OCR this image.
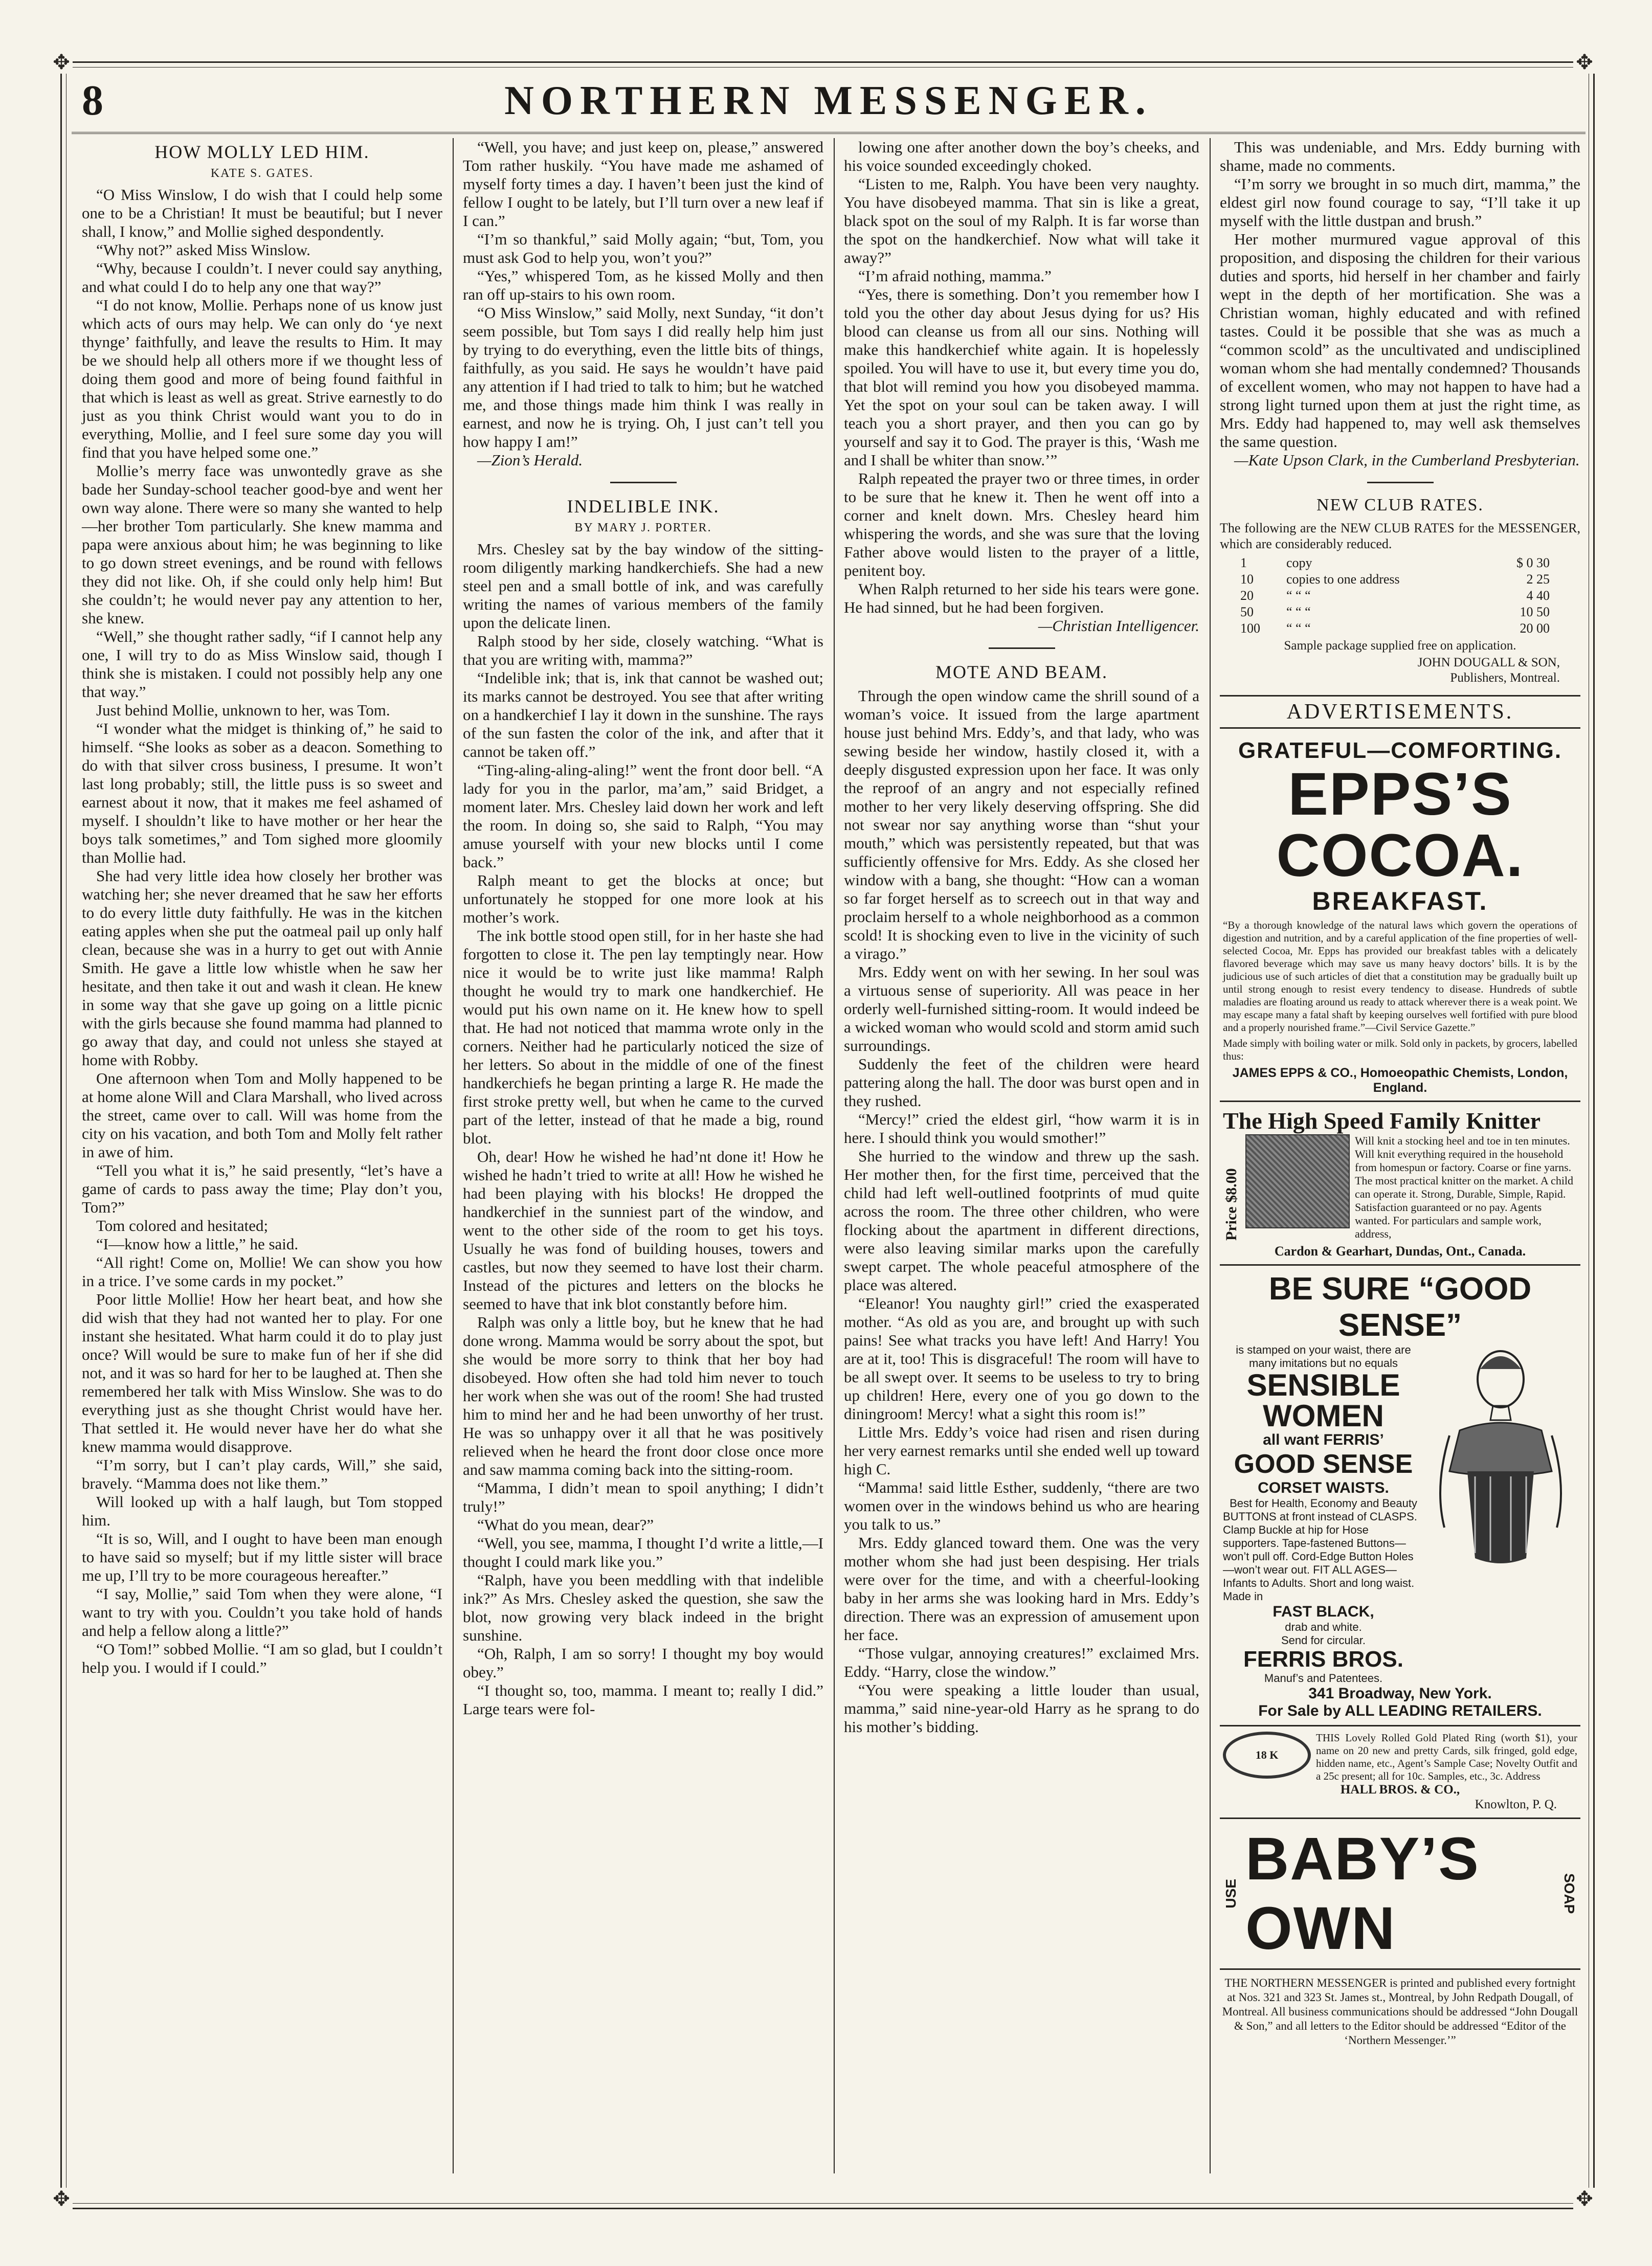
✥	✥
✥	✥
8	NORTHERN MESSENGER.
HOW MOLLY LED HIM.
KATE S. GATES.

“O Miss Winslow, I do wish that I could help some one to be a Christian! It must be beautiful; but I never shall, I know,” and Mollie sighed despondently.

“Why not?” asked Miss Winslow.

“Why, because I couldn’t. I never could say anything, and what could I do to help any one that way?”

“I do not know, Mollie. Perhaps none of us know just which acts of ours may help. We can only do ‘ye next thynge’ faithfully, and leave the results to Him. It may be we should help all others more if we thought less of doing them good and more of being found faithful in that which is least as well as great. Strive earnestly to do just as you think Christ would want you to do in everything, Mollie, and I feel sure some day you will find that you have helped some one.”

Mollie’s merry face was unwontedly grave as she bade her Sunday-school teacher good-bye and went her own way alone. There were so many she wanted to help—her brother Tom particularly. She knew mamma and papa were anxious about him; he was beginning to like to go down street evenings, and be round with fellows they did not like. Oh, if she could only help him! But she couldn’t; he would never pay any attention to her, she knew.

“Well,” she thought rather sadly, “if I cannot help any one, I will try to do as Miss Winslow said, though I think she is mistaken. I could not possibly help any one that way.”

Just behind Mollie, unknown to her, was Tom.

“I wonder what the midget is thinking of,” he said to himself. “She looks as sober as a deacon. Something to do with that silver cross business, I presume. It won’t last long probably; still, the little puss is so sweet and earnest about it now, that it makes me feel ashamed of myself. I shouldn’t like to have mother or her hear the boys talk sometimes,” and Tom sighed more gloomily than Mollie had.

She had very little idea how closely her brother was watching her; she never dreamed that he saw her efforts to do every little duty faithfully. He was in the kitchen eating apples when she put the oatmeal pail up only half clean, because she was in a hurry to get out with Annie Smith. He gave a little low whistle when he saw her hesitate, and then take it out and wash it clean. He knew in some way that she gave up going on a little picnic with the girls because she found mamma had planned to go away that day, and could not unless she stayed at home with Robby.

One afternoon when Tom and Molly happened to be at home alone Will and Clara Marshall, who lived across the street, came over to call. Will was home from the city on his vacation, and both Tom and Molly felt rather in awe of him.

“Tell you what it is,” he said presently, “let’s have a game of cards to pass away the time; Play don’t you, Tom?”

Tom colored and hesitated;

“I—know how a little,” he said.

“All right! Come on, Mollie! We can show you how in a trice. I’ve some cards in my pocket.”

Poor little Mollie! How her heart beat, and how she did wish that they had not wanted her to play. For one instant she hesitated. What harm could it do to play just once? Will would be sure to make fun of her if she did not, and it was so hard for her to be laughed at. Then she remembered her talk with Miss Winslow. She was to do everything just as she thought Christ would have her. That settled it. He would never have her do what she knew mamma would disapprove.

“I’m sorry, but I can’t play cards, Will,” she said, bravely. “Mamma does not like them.”

Will looked up with a half laugh, but Tom stopped him.

“It is so, Will, and I ought to have been man enough to have said so myself; but if my little sister will brace me up, I’ll try to be more courageous hereafter.”

“I say, Mollie,” said Tom when they were alone, “I want to try with you. Couldn’t you take hold of hands and help a fellow along a little?”

“O Tom!” sobbed Mollie. “I am so glad, but I couldn’t help you. I would if I could.”

“Well, you have; and just keep on, please,” answered Tom rather huskily. “You have made me ashamed of myself forty times a day. I haven’t been just the kind of fellow I ought to be lately, but I’ll turn over a new leaf if I can.”

“I’m so thankful,” said Molly again; “but, Tom, you must ask God to help you, won’t you?”

“Yes,” whispered Tom, as he kissed Molly and then ran off up-stairs to his own room.

“O Miss Winslow,” said Molly, next Sunday, “it don’t seem possible, but Tom says I did really help him just by trying to do everything, even the little bits of things, faithfully, as you said. He says he wouldn’t have paid any attention if I had tried to talk to him; but he watched me, and those things made him think I was really in earnest, and now he is trying. Oh, I just can’t tell you how happy I am!”

—Zion’s Herald.

INDELIBLE INK.
BY MARY J. PORTER.

Mrs. Chesley sat by the bay window of the sitting-room diligently marking handkerchiefs. She had a new steel pen and a small bottle of ink, and was carefully writing the names of various members of the family upon the delicate linen.

Ralph stood by her side, closely watching. “What is that you are writing with, mamma?”

“Indelible ink; that is, ink that cannot be washed out; its marks cannot be destroyed. You see that after writing on a handkerchief I lay it down in the sunshine. The rays of the sun fasten the color of the ink, and after that it cannot be taken off.”

“Ting-aling-aling-aling!” went the front door bell. “A lady for you in the parlor, ma’am,” said Bridget, a moment later. Mrs. Chesley laid down her work and left the room. In doing so, she said to Ralph, “You may amuse yourself with your new blocks until I come back.”

Ralph meant to get the blocks at once; but unfortunately he stopped for one more look at his mother’s work.

The ink bottle stood open still, for in her haste she had forgotten to close it. The pen lay temptingly near. How nice it would be to write just like mamma! Ralph thought he would try to mark one handkerchief. He would put his own name on it. He knew how to spell that. He had not noticed that mamma wrote only in the corners. Neither had he particularly noticed the size of her letters. So about in the middle of one of the finest handkerchiefs he began printing a large R. He made the first stroke pretty well, but when he came to the curved part of the letter, instead of that he made a big, round blot.

Oh, dear! How he wished he had’nt done it! How he wished he hadn’t tried to write at all! How he wished he had been playing with his blocks! He dropped the handkerchief in the sunniest part of the window, and went to the other side of the room to get his toys. Usually he was fond of building houses, towers and castles, but now they seemed to have lost their charm. Instead of the pictures and letters on the blocks he seemed to have that ink blot constantly before him.

Ralph was only a little boy, but he knew that he had done wrong. Mamma would be sorry about the spot, but she would be more sorry to think that her boy had disobeyed. How often she had told him never to touch her work when she was out of the room! She had trusted him to mind her and he had been unworthy of her trust. He was so unhappy over it all that he was positively relieved when he heard the front door close once more and saw mamma coming back into the sitting-room.

“Mamma, I didn’t mean to spoil anything; I didn’t truly!”

“What do you mean, dear?”

“Well, you see, mamma, I thought I’d write a little,—I thought I could mark like you.”

“Ralph, have you been meddling with that indelible ink?” As Mrs. Chesley asked the question, she saw the blot, now growing very black indeed in the bright sunshine.

“Oh, Ralph, I am so sorry! I thought my boy would obey.”

“I thought so, too, mamma. I meant to; really I did.” Large tears were fol-

lowing one after another down the boy’s cheeks, and his voice sounded exceedingly choked.

“Listen to me, Ralph. You have been very naughty. You have disobeyed mamma. That sin is like a great, black spot on the soul of my Ralph. It is far worse than the spot on the handkerchief. Now what will take it away?”

“I’m afraid nothing, mamma.”

“Yes, there is something. Don’t you remember how I told you the other day about Jesus dying for us? His blood can cleanse us from all our sins. Nothing will make this handkerchief white again. It is hopelessly spoiled. You will have to use it, but every time you do, that blot will remind you how you disobeyed mamma. Yet the spot on your soul can be taken away. I will teach you a short prayer, and then you can go by yourself and say it to God. The prayer is this, ‘Wash me and I shall be whiter than snow.’”

Ralph repeated the prayer two or three times, in order to be sure that he knew it. Then he went off into a corner and knelt down. Mrs. Chesley heard him whispering the words, and she was sure that the loving Father above would listen to the prayer of a little, penitent boy.

When Ralph returned to her side his tears were gone. He had sinned, but he had been forgiven.

—Christian Intelligencer.

MOTE AND BEAM.

Through the open window came the shrill sound of a woman’s voice. It issued from the large apartment house just behind Mrs. Eddy’s, and that lady, who was sewing beside her window, hastily closed it, with a deeply disgusted expression upon her face. It was only the reproof of an angry and not especially refined mother to her very likely deserving offspring. She did not swear nor say anything worse than “shut your mouth,” which was persistently repeated, but that was sufficiently offensive for Mrs. Eddy. As she closed her window with a bang, she thought: “How can a woman so far forget herself as to screech out in that way and proclaim herself to a whole neighborhood as a common scold! It is shocking even to live in the vicinity of such a virago.”

Mrs. Eddy went on with her sewing. In her soul was a virtuous sense of superiority. All was peace in her orderly well-furnished sitting-room. It would indeed be a wicked woman who would scold and storm amid such surroundings.

Suddenly the feet of the children were heard pattering along the hall. The door was burst open and in they rushed.

“Mercy!” cried the eldest girl, “how warm it is in here. I should think you would smother!”

She hurried to the window and threw up the sash. Her mother then, for the first time, perceived that the child had left well-outlined footprints of mud quite across the room. The three other children, who were flocking about the apartment in different directions, were also leaving similar marks upon the carefully swept carpet. The whole peaceful atmosphere of the place was altered.

“Eleanor! You naughty girl!” cried the exasperated mother. “As old as you are, and brought up with such pains! See what tracks you have left! And Harry! You are at it, too! This is disgraceful! The room will have to be all swept over. It seems to be useless to try to bring up children! Here, every one of you go down to the diningroom! Mercy! what a sight this room is!”

Little Mrs. Eddy’s voice had risen and risen during her very earnest remarks until she ended well up toward high C.

“Mamma! said little Esther, suddenly, “there are two women over in the windows behind us who are hearing you talk to us.”

Mrs. Eddy glanced toward them. One was the very mother whom she had just been despising. Her trials were over for the time, and with a cheerful-looking baby in her arms she was looking hard in Mrs. Eddy’s direction. There was an expression of amusement upon her face.

“Those vulgar, annoying creatures!” exclaimed Mrs. Eddy. “Harry, close the window.”

“You were speaking a little louder than usual, mamma,” said nine-year-old Harry as he sprang to do his mother’s bidding.

This was undeniable, and Mrs. Eddy burning with shame, made no comments.

“I’m sorry we brought in so much dirt, mamma,” the eldest girl now found courage to say, “I’ll take it up myself with the little dustpan and brush.”

Her mother murmured vague approval of this proposition, and disposing the children for their various duties and sports, hid herself in her chamber and fairly wept in the depth of her mortification. She was a Christian woman, highly educated and with refined tastes. Could it be possible that she was as much a “common scold” as the uncultivated and undisciplined woman whom she had mentally condemned? Thousands of excellent women, who may not happen to have had a strong light turned upon them at just the right time, as Mrs. Eddy had happened to, may well ask themselves the same question.

—Kate Upson Clark, in the Cumberland Presbyterian.

NEW CLUB RATES.

The following are the NEW CLUB RATES for the MESSENGER, which are considerably reduced.

1	copy	$ 0 30
10	copies to one address	2 25
20	“ “ “	4 40
50	“ “ “	10 50
100	“ “ “	20 00
Sample package supplied free on application.
JOHN DOUGALL & SON,
Publishers, Montreal.
ADVERTISEMENTS.
GRATEFUL—COMFORTING.
EPPS’S COCOA.
BREAKFAST.

“By a thorough knowledge of the natural laws which govern the operations of digestion and nutrition, and by a careful application of the fine properties of well-selected Cocoa, Mr. Epps has provided our breakfast tables with a delicately flavored beverage which may save us many heavy doctors’ bills. It is by the judicious use of such articles of diet that a constitution may be gradually built up until strong enough to resist every tendency to disease. Hundreds of subtle maladies are floating around us ready to attack wherever there is a weak point. We may escape many a fatal shaft by keeping ourselves well fortified with pure blood and a properly nourished frame.”—Civil Service Gazette.”

Made simply with boiling water or milk. Sold only in packets, by grocers, labelled thus:

JAMES EPPS & CO., Homoeopathic Chemists, London, England.
The High Speed Family Knitter
Price $8.00
Will knit a stocking heel and toe in ten minutes. Will knit everything required in the household from homespun or factory. Coarse or fine yarns. The most practical knitter on the market. A child can operate it. Strong, Durable, Simple, Rapid. Satisfaction guaranteed or no pay. Agents wanted. For particulars and sample work, address,
Cardon & Gearhart, Dundas, Ont., Canada.
BE SURE “GOOD SENSE”
is stamped on your waist, there are many imitations but no equals
SENSIBLE
WOMEN
all want FERRIS’
GOOD SENSE
CORSET WAISTS.
Best for Health, Economy and Beauty
BUTTONS at front instead of CLASPS. Clamp Buckle at hip for Hose supporters. Tape-fastened Buttons—won’t pull off. Cord-Edge Button Holes—won’t wear out. FIT ALL AGES—Infants to Adults. Short and long waist. Made in
FAST BLACK,
drab and white.
Send for circular.
FERRIS BROS.
Manuf’s and Patentees.
341 Broadway, New York.
For Sale by ALL LEADING RETAILERS.
18 K
THIS Lovely Rolled Gold Plated Ring (worth $1), your name on 20 new and pretty Cards, silk fringed, gold edge, hidden name, etc., Agent’s Sample Case; Novelty Outfit and a 25c present; all for 10c. Samples, etc., 3c. Address
HALL BROS. & CO.,
Knowlton, P. Q.
USE
BABY’S OWN
SOAP

THE NORTHERN MESSENGER is printed and published every fortnight at Nos. 321 and 323 St. James st., Montreal, by John Redpath Dougall, of Montreal. All business communications should be addressed “John Dougall & Son,” and all letters to the Editor should be addressed “Editor of the ‘Northern Messenger.’”
